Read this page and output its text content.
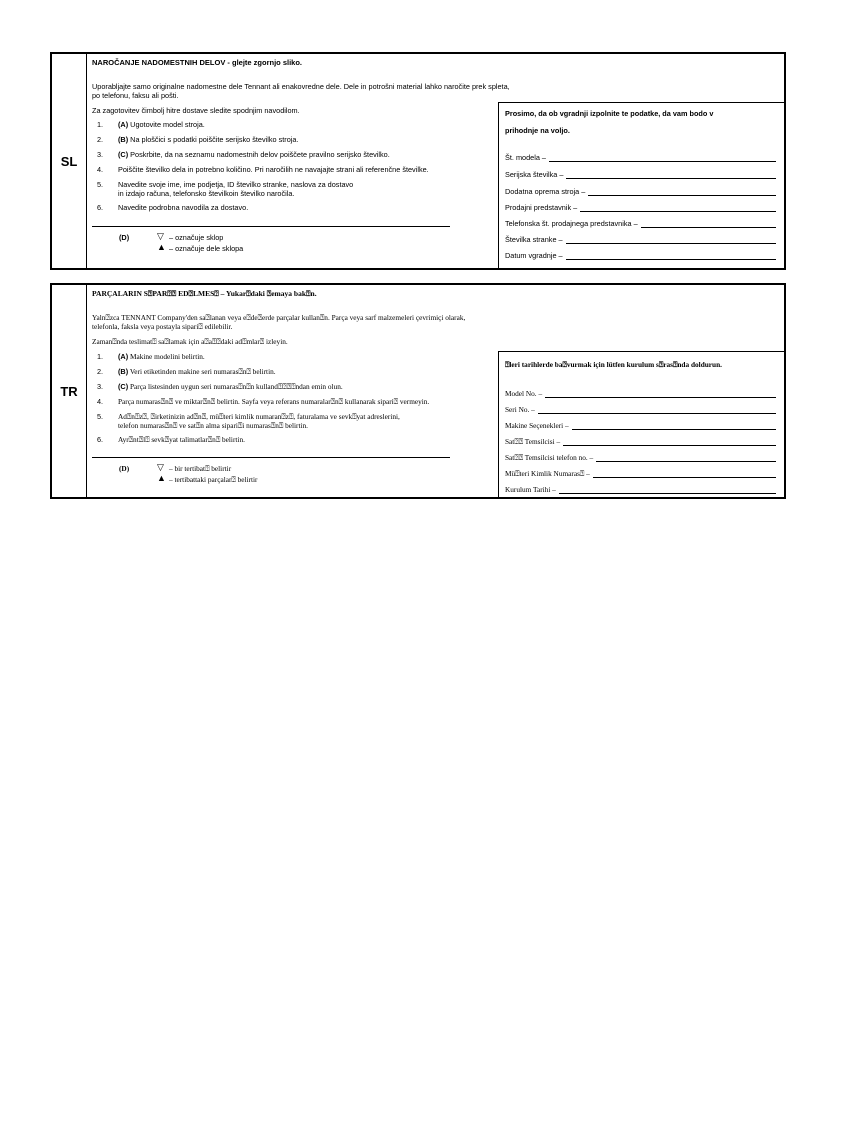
SL
NAROČANJE NADOMESTNIH DELOV - glejte zgornjo sliko.
Uporabljajte samo originalne nadomestne dele Tennant ali enakovredne dele. Dele in potrošni material lahko naročite prek spleta,
po telefonu, faksu ali pošti.
Za zagotovitev čimbolj hitre dostave sledite spodnjim navodilom.
1. (A) Ugotovite model stroja.
2. (B) Na ploščici s podatki poiščite serijsko številko stroja.
3. (C) Poskrbite, da na seznamu nadomestnih delov poiščete pravilno serijsko številko.
4. Poiščite številko dela in potrebno količino. Pri naročilih ne navajajte strani ali referenčne številke.
5. Navedite svoje ime, ime podjetja, ID številko stranke, naslova za dostavo
in izdajo računa, telefonsko številkoin številko naročila.
6. Navedite podrobna navodila za dostavo.
(D)	▽ – označuje sklop
▲ – označuje dele sklopa
Prosimo, da ob vgradnji izpolnite te podatke, da vam bodo v
prihodnje na voljo.
Št. modela –
Serijska številka –
Dodatna oprema stroja –
Prodajni predstavnik –
Telefonska št. prodajnega predstavnika –
Številka stranke –
Datum vgradnje –
TR
PARÇALARIN S⍰PAR⍰⍰ ED⍰LMES⍰ – Yukar⍰daki ⍰emaya bak⍰n.
Yaln⍰zca TENNANT Company'den sa⍰lanan veya e⍰de⍰erde parçalar kullan⍰n. Parça veya sarf malzemeleri çevrimiçi olarak,
telefonla, faksla veya postayla sipari⍰ edilebilir.
Zaman⍰nda teslimat⍰ sa⍰lamak için a⍰a⍰⍰daki ad⍰mlar⍰ izleyin.
1. (A) Makine modelini belirtin.
2. (B) Veri etiketinden makine seri numaras⍰n⍰ belirtin.
3. (C) Parça listesinden uygun seri numaras⍰n⍰n kulland⍰⍰⍰⍰ndan emin olun.
4. Parça numaras⍰n⍰ ve miktar⍰n⍰ belirtin. Sayfa veya referans numaralar⍰n⍰ kullanarak sipari⍰ vermeyin.
5. Ad⍰n⍰z⍰, ⍰irketinizin ad⍰n⍰, mü⍰teri kimlik numaran⍰z⍰, faturalama ve sevk⍰yat adreslerini,
telefon numaras⍰n⍰ ve sat⍰n alma sipari⍰i numaras⍰n⍰ belirtin.
6. Ayr⍰nt⍰l⍰ sevk⍰yat talimatlar⍰n⍰ belirtin.
(D)	▽ – bir tertibat⍰ belirtir
▲ – tertibattaki parçalar⍰ belirtir
⍰leri tarihlerde ba⍰vurmak için lütfen kurulum s⍰ras⍰nda doldurun.
Model No. –
Seri No. –
Makine Seçenekleri –
Sat⍰⍰ Temsilcisi –
Sat⍰⍰ Temsilcisi telefon no. –
Mü⍰teri Kimlik Numaras⍰ –
Kurulum Tarihi –
